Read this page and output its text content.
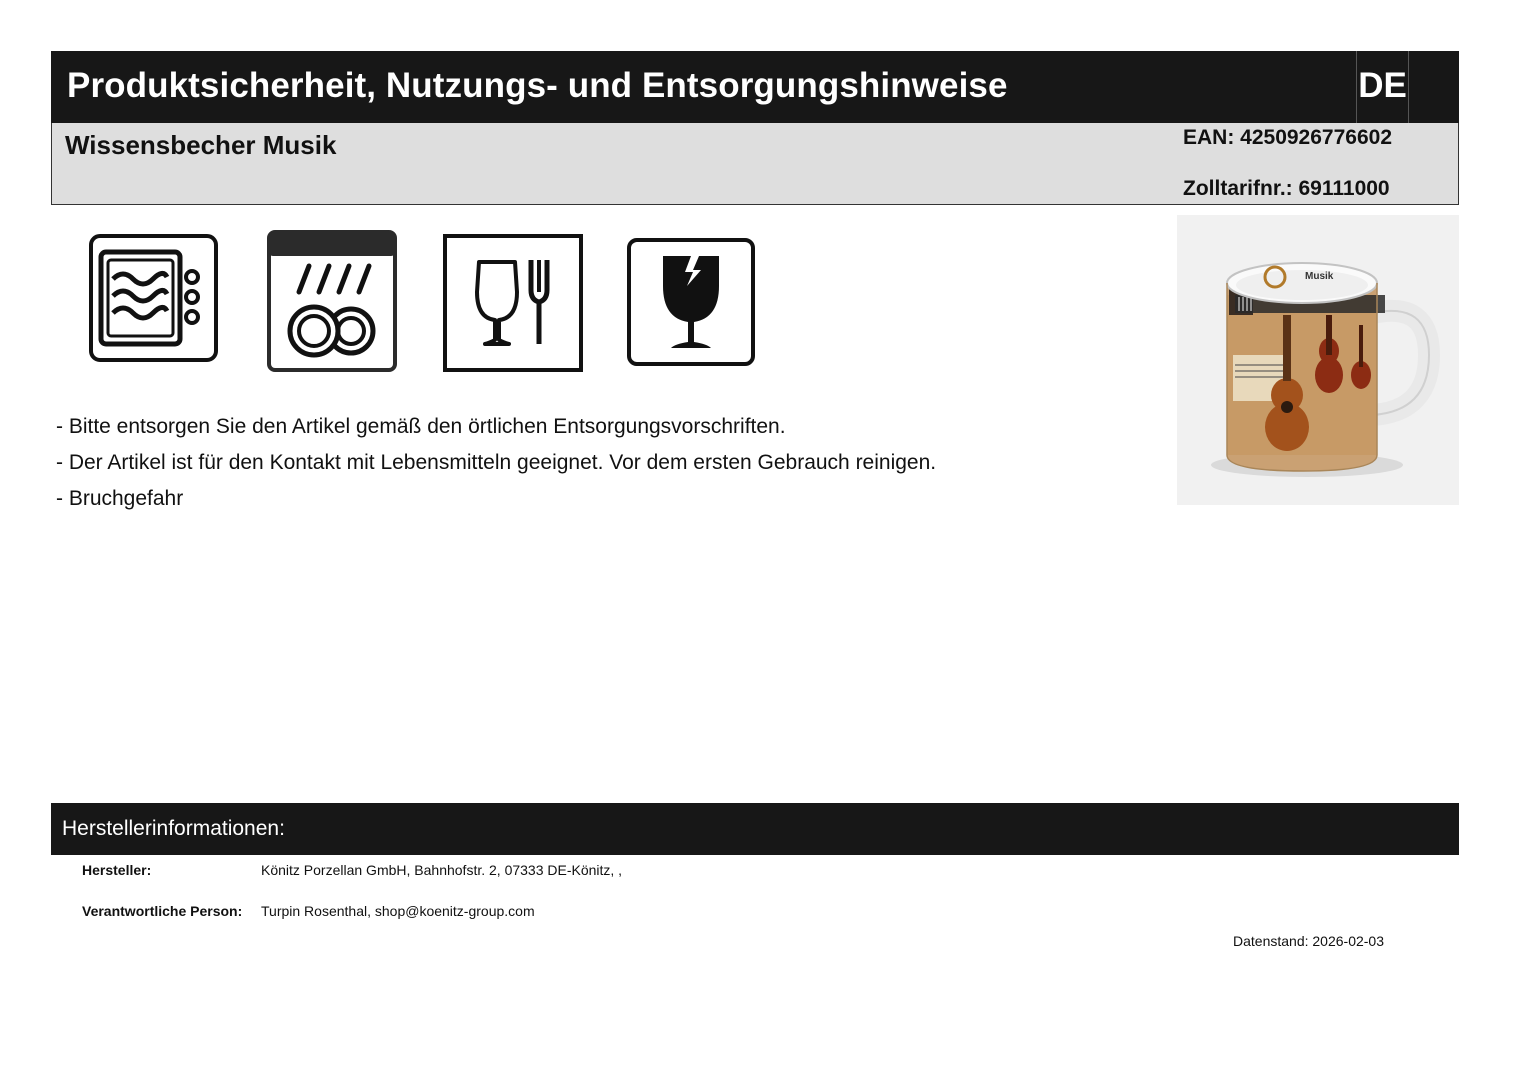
Produktsicherheit, Nutzungs- und Entsorgungshinweise	DE
Wissensbecher Musik	EAN: 4250926776602
Zolltarifnr.: 69111000
Musik
- Bitte entsorgen Sie den Artikel gemäß den örtlichen Entsorgungsvorschriften.
- Der Artikel ist für den Kontakt mit Lebensmitteln geeignet. Vor dem ersten Gebrauch reinigen.
- Bruchgefahr
Herstellerinformationen:
Hersteller:	Könitz Porzellan GmbH, Bahnhofstr. 2, 07333 DE-Könitz, ,
Verantwortliche Person: Turpin Rosenthal, shop@koenitz-group.com
Datenstand: 2026-02-03
